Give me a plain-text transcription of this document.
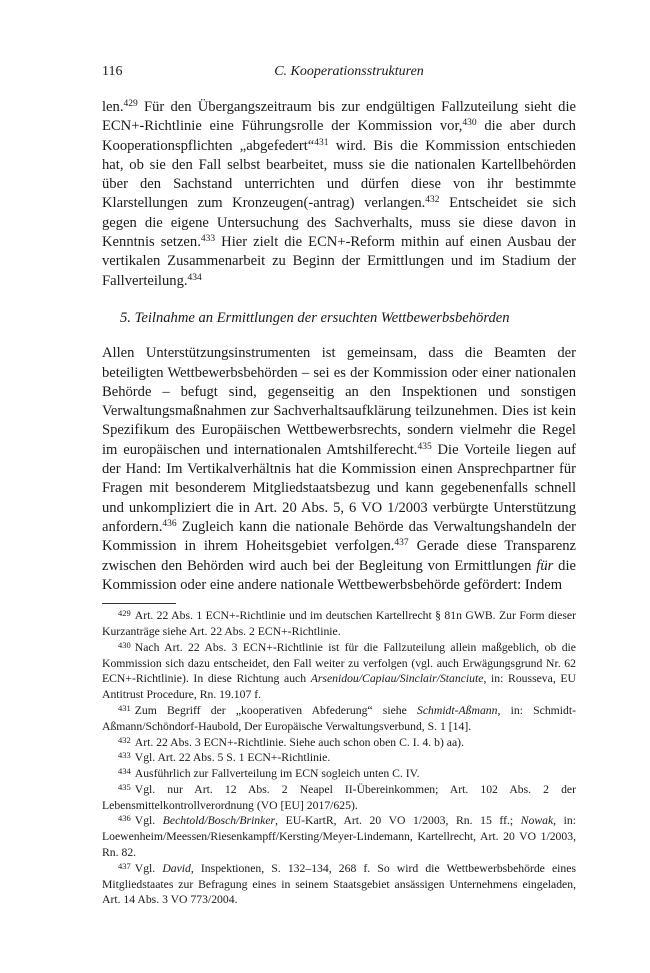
116	C. Kooperationsstrukturen

len.$^{429}$ Für den Übergangszeitraum bis zur endgültigen Fallzuteilung sieht die ECN+-Richtlinie eine Führungsrolle der Kommission vor,$^{430}$ die aber durch Kooperationspflichten „abgefedert“$^{431}$ wird. Bis die Kommission entschieden hat, ob sie den Fall selbst bearbeitet, muss sie die nationalen Kartellbehörden über den Sachstand unterrichten und dürfen diese von ihr bestimmte Klarstellungen zum Kronzeugen(-antrag) verlangen.$^{432}$ Entscheidet sie sich gegen die eigene Untersuchung des Sachverhalts, muss sie diese davon in Kenntnis setzen.$^{433}$ Hier zielt die ECN+-Reform mithin auf einen Ausbau der vertikalen Zusammenarbeit zu Beginn der Ermittlungen und im Stadium der Fallverteilung.$^{434}$

5. Teilnahme an Ermittlungen der ersuchten Wettbewerbsbehörden

Allen Unterstützungsinstrumenten ist gemeinsam, dass die Beamten der beteiligten Wettbewerbsbehörden – sei es der Kommission oder einer nationalen Behörde – befugt sind, gegenseitig an den Inspektionen und sonstigen Verwaltungsmaßnahmen zur Sachverhaltsaufklärung teilzunehmen. Dies ist kein Spezifikum des Europäischen Wettbewerbsrechts, sondern vielmehr die Regel im europäischen und internationalen Amtshilferecht.$^{435}$ Die Vorteile liegen auf der Hand: Im Vertikalverhältnis hat die Kommission einen Ansprechpartner für Fragen mit besonderem Mitgliedstaatsbezug und kann gegebenenfalls schnell und unkompliziert die in Art. 20 Abs. 5, 6 VO 1/2003 verbürgte Unterstützung anfordern.$^{436}$ Zugleich kann die nationale Behörde das Verwaltungshandeln der Kommission in ihrem Hoheitsgebiet verfolgen.$^{437}$ Gerade diese Transparenz zwischen den Behörden wird auch bei der Begleitung von Ermittlungen für die Kommission oder eine andere nationale Wettbewerbsbehörde gefördert: Indem

$^{429}$ Art. 22 Abs. 1 ECN+-Richtlinie und im deutschen Kartellrecht § 81n GWB. Zur Form dieser Kurzanträge siehe Art. 22 Abs. 2 ECN+-Richtlinie.

$^{430}$ Nach Art. 22 Abs. 3 ECN+-Richtlinie ist für die Fallzuteilung allein maßgeblich, ob die Kommission sich dazu entscheidet, den Fall weiter zu verfolgen (vgl. auch Erwägungsgrund Nr. 62 ECN+-Richtlinie). In diese Richtung auch Arsenidou/Capiau/Sinclair/Stanciute, in: Rousseva, EU Antitrust Procedure, Rn. 19.107 f.

$^{431}$ Zum Begriff der „kooperativen Abfederung“ siehe Schmidt-Aßmann, in: Schmidt-Aßmann/Schöndorf-Haubold, Der Europäische Verwaltungsverbund, S. 1 [14].

$^{432}$ Art. 22 Abs. 3 ECN+-Richtlinie. Siehe auch schon oben C. I. 4. b) aa).

$^{433}$ Vgl. Art. 22 Abs. 5 S. 1 ECN+-Richtlinie.

$^{434}$ Ausführlich zur Fallverteilung im ECN sogleich unten C. IV.

$^{435}$ Vgl. nur Art. 12 Abs. 2 Neapel II-Übereinkommen; Art. 102 Abs. 2 der Lebensmittelkontrollverordnung (VO [EU] 2017/625).

$^{436}$ Vgl. Bechtold/Bosch/Brinker, EU-KartR, Art. 20 VO 1/2003, Rn. 15 ff.; Nowak, in: Loewenheim/Meessen/Riesenkampff/Kersting/Meyer-Lindemann, Kartellrecht, Art. 20 VO 1/2003, Rn. 82.

$^{437}$ Vgl. David, Inspektionen, S. 132–134, 268 f. So wird die Wettbewerbsbehörde eines Mitgliedstaates zur Befragung eines in seinem Staatsgebiet ansässigen Unternehmens eingeladen, Art. 14 Abs. 3 VO 773/2004.
